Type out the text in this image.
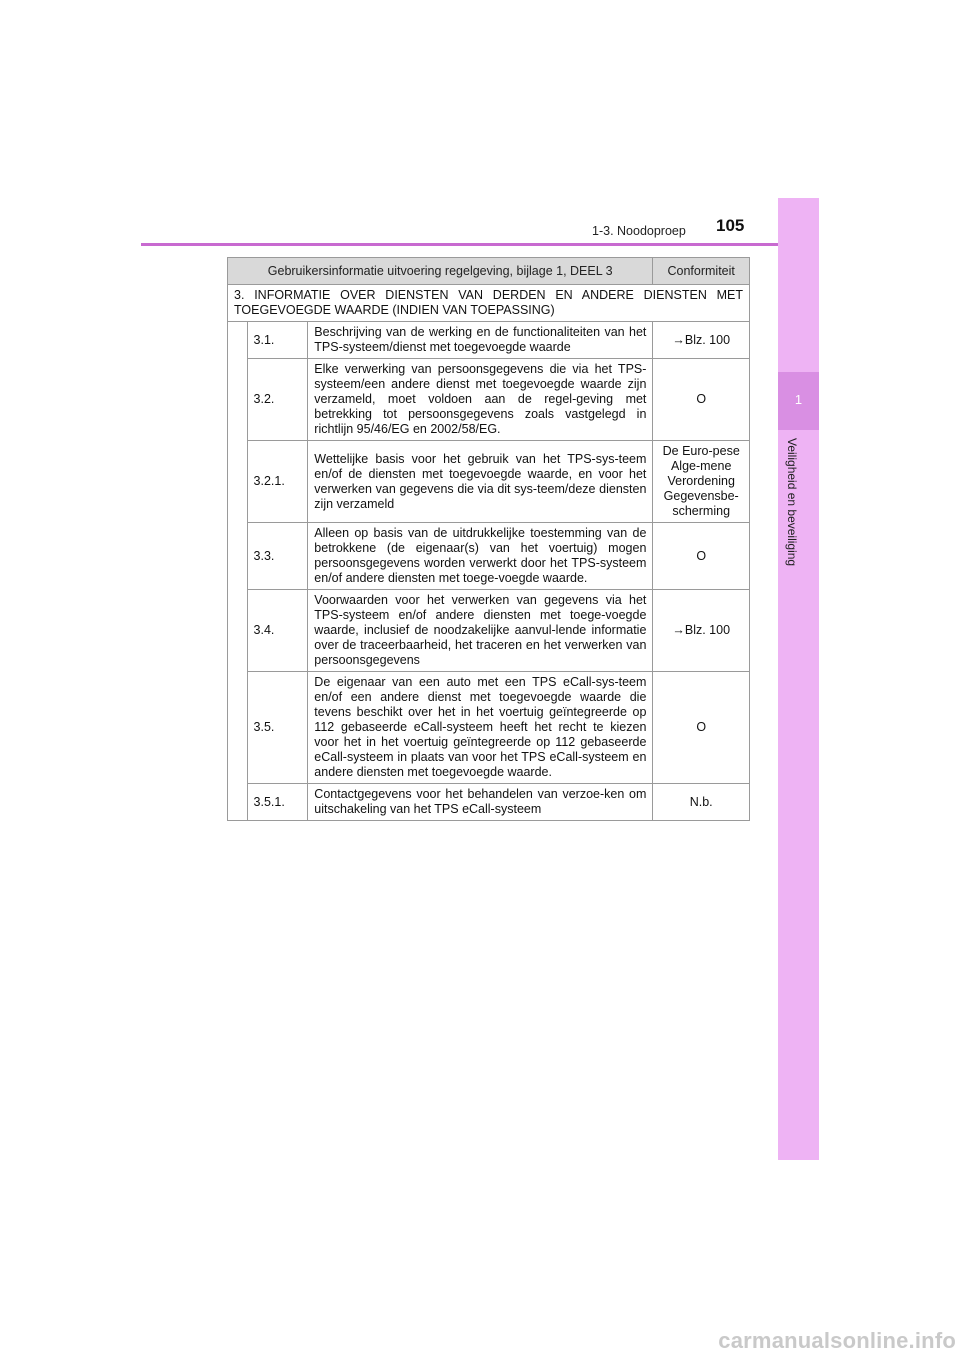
1-3. Noodoproep 105
1
Veiligheid en beveiliging
Gebruikersinformatie uitvoering regelgeving, bijlage 1, DEEL 3			Conformiteit
3. INFORMATIE OVER DIENSTEN VAN DERDEN EN ANDERE DIENSTEN MET TOEGEVOEGDE WAARDE (INDIEN VAN TOEPASSING)			
	3.1.	Beschrijving van de werking en de functionaliteiten van het TPS-systeem/dienst met toegevoegde waarde	→Blz. 100
	3.2.	Elke verwerking van persoonsgegevens die via het TPS-systeem/een andere dienst met toegevoegde waarde zijn verzameld, moet voldoen aan de regel-geving met betrekking tot persoonsgegevens zoals vastgelegd in richtlijn 95/46/EG en 2002/58/EG.	O
	3.2.1.	Wettelijke basis voor het gebruik van het TPS-sys-teem en/of de diensten met toegevoegde waarde, en voor het verwerken van gegevens die via dit sys-teem/deze diensten zijn verzameld	De Euro-pese Alge-mene Verordening Gegevensbe-scherming
	3.3.	Alleen op basis van de uitdrukkelijke toestemming van de betrokkene (de eigenaar(s) van het voertuig) mogen persoonsgegevens worden verwerkt door het TPS-systeem en/of andere diensten met toege-voegde waarde.	O
	3.4.	Voorwaarden voor het verwerken van gegevens via het TPS-systeem en/of andere diensten met toege-voegde waarde, inclusief de noodzakelijke aanvul-lende informatie over de traceerbaarheid, het traceren en het verwerken van persoonsgegevens	→Blz. 100
	3.5.	De eigenaar van een auto met een TPS eCall-sys-teem en/of een andere dienst met toegevoegde waarde die tevens beschikt over het in het voertuig geïntegreerde op 112 gebaseerde eCall-systeem heeft het recht te kiezen voor het in het voertuig geïntegreerde op 112 gebaseerde eCall-systeem in plaats van voor het TPS eCall-systeem en andere diensten met toegevoegde waarde.	O
	3.5.1.	Contactgegevens voor het behandelen van verzoe-ken om uitschakeling van het TPS eCall-systeem	N.b.
carmanualsonline.info
